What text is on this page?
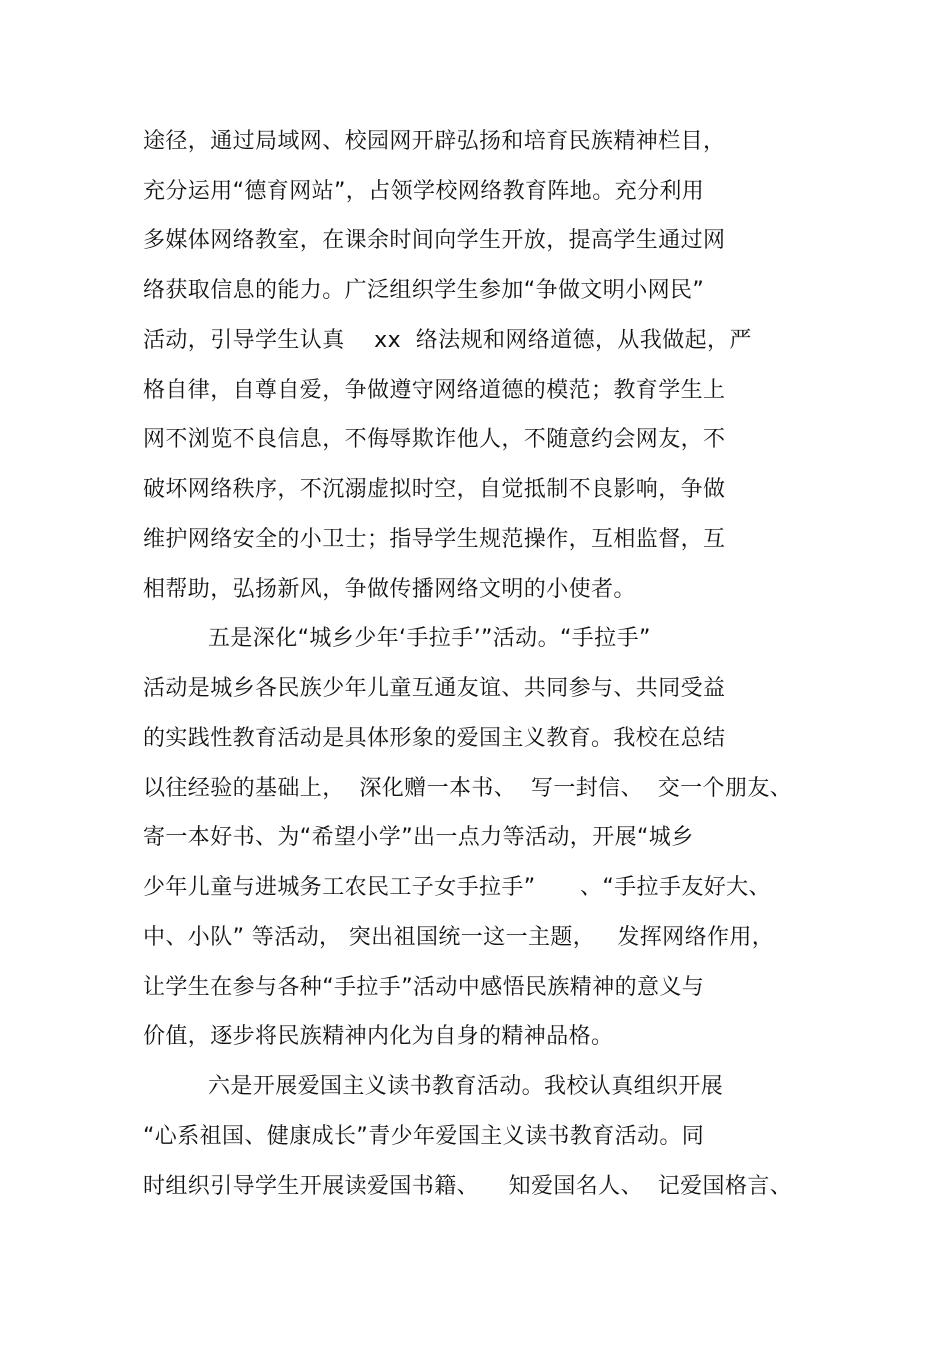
途径，通过局域网、校园网开辟弘扬和培育民族精神栏目，
充分运用“德育网站”，占领学校网络教育阵地。充分利用
多媒体网络教室，在课余时间向学生开放，提高学生通过网
络获取信息的能力。广泛组织学生参加“争做文明小网民”
活动，引导学生认真    xx  络法规和网络道德，从我做起，严
格自律，自尊自爱，争做遵守网络道德的模范；教育学生上
网不浏览不良信息，不侮辱欺诈他人，不随意约会网友，不
破坏网络秩序，不沉溺虚拟时空，自觉抵制不良影响，争做
维护网络安全的小卫士；指导学生规范操作，互相监督，互
相帮助，弘扬新风，争做传播网络文明的小使者。
五是深化“城乡少年‘手拉手’”活动。“手拉手”
活动是城乡各民族少年儿童互通友谊、共同参与、共同受益
的实践性教育活动是具体形象的爱国主义教育。我校在总结
以往经验的基础上，  深化赠一本书、  写一封信、  交一个朋友、
寄一本好书、为“希望小学”出一点力等活动，开展“城乡
少年儿童与进城务工农民工子女手拉手”      、“手拉手友好大、
中、小队” 等活动， 突出祖国统一这一主题，   发挥网络作用，
让学生在参与各种“手拉手”活动中感悟民族精神的意义与
价值，逐步将民族精神内化为自身的精神品格。
六是开展爱国主义读书教育活动。我校认真组织开展
“心系祖国、健康成长”青少年爱国主义读书教育活动。同
时组织引导学生开展读爱国书籍、    知爱国名人、  记爱国格言、
